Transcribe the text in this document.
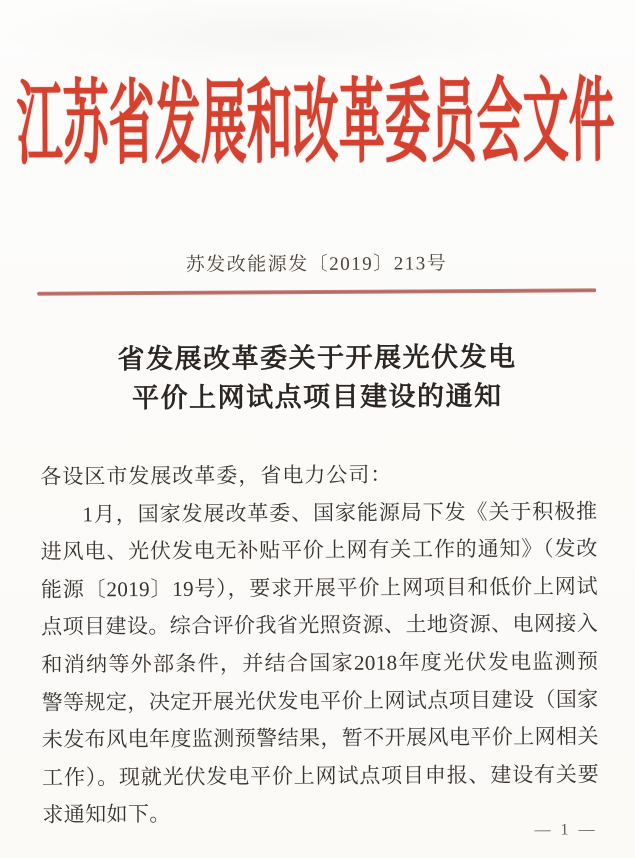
江苏省发展和改革委员会文件
苏发改能源发〔2019〕213号
省发展改革委关于开展光伏发电
平价上网试点项目建设的通知
各设区市发展改革委，省电力公司：
1月，国家发展改革委、国家能源局下发《关于积极推进风电、光伏发电无补贴平价上网有关工作的通知》（发改能源〔2019〕19号），要求开展平价上网项目和低价上网试点项目建设。综合评价我省光照资源、土地资源、电网接入和消纳等外部条件，并结合国家2018年度光伏发电监测预警等规定，决定开展光伏发电平价上网试点项目建设（国家未发布风电年度监测预警结果，暂不开展风电平价上网相关工作）。现就光伏发电平价上网试点项目申报、建设有关要求通知如下。
— 1 —
